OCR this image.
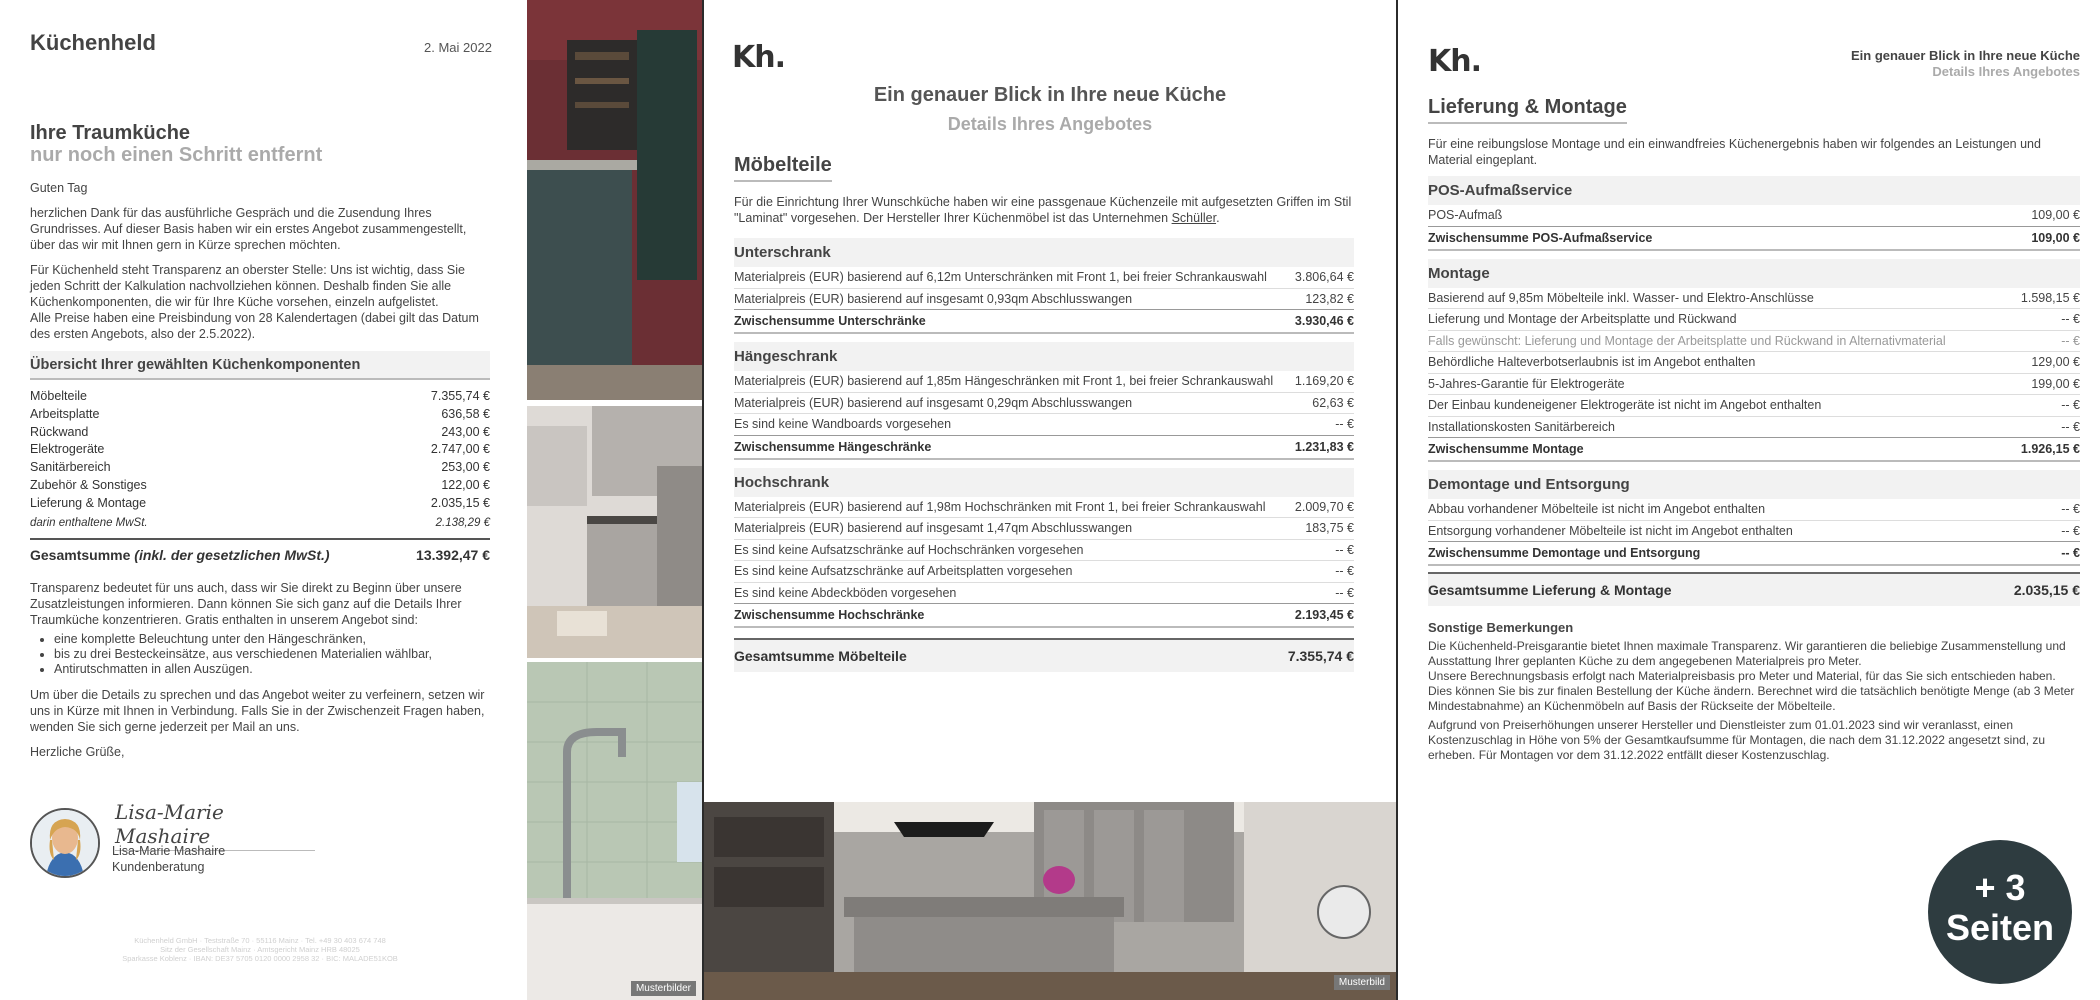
Küchenheld	2. Mai 2022
Ihre Traumküche
nur noch einen Schritt entfernt

Guten Tag

herzlichen Dank für das ausführliche Gespräch und die Zusendung Ihres Grundrisses. Auf dieser Basis haben wir ein erstes Angebot zusammengestellt, über das wir mit Ihnen gern in Kürze sprechen möchten.

Für Küchenheld steht Transparenz an oberster Stelle: Uns ist wichtig, dass Sie jeden Schritt der Kalkulation nachvollziehen können. Deshalb finden Sie alle Küchenkomponenten, die wir für Ihre Küche vorsehen, einzeln aufgelistet.

Alle Preise haben eine Preisbindung von 28 Kalendertagen (dabei gilt das Datum des ersten Angebots, also der 2.5.2022).

Übersicht Ihrer gewählten Küchenkomponenten
Möbelteile	7.355,74 €
Arbeitsplatte	636,58 €
Rückwand	243,00 €
Elektrogeräte	2.747,00 €
Sanitärbereich	253,00 €
Zubehör & Sonstiges	122,00 €
Lieferung & Montage	2.035,15 €
darin enthaltene MwSt.	2.138,29 €
Gesamtsumme (inkl. der gesetzlichen MwSt.)	13.392,47 €

Transparenz bedeutet für uns auch, dass wir Sie direkt zu Beginn über unsere Zusatzleistungen informieren. Dann können Sie sich ganz auf die Details Ihrer Traumküche konzentrieren. Gratis enthalten in unserem Angebot sind:

• eine komplette Beleuchtung unter den Hängeschränken,
• bis zu drei Besteckeinsätze, aus verschiedenen Materialien wählbar,
• Antirutschmatten in allen Auszügen.

Um über die Details zu sprechen und das Angebot weiter zu verfeinern, setzen wir uns in Kürze mit Ihnen in Verbindung. Falls Sie in der Zwischenzeit Fragen haben, wenden Sie sich gerne jederzeit per Mail an uns.

Herzliche Grüße,

Lisa-Marie Mashaire
Lisa-Marie Mashaire
Kundenberatung
Küchenheld GmbH · Teststraße 70 · 55116 Mainz · Tel. +49 30 403 674 748
Sitz der Gesellschaft Mainz · Amtsgericht Mainz HRB 48025
Sparkasse Koblenz · IBAN: DE37 5705 0120 0000 2958 32 · BIC: MALADE51KOB
Musterbilder
Kh.
Ein genauer Blick in Ihre neue Küche
Details Ihres Angebotes
Möbelteile
Für die Einrichtung Ihrer Wunschküche haben wir eine passgenaue Küchenzeile mit aufgesetzten Griffen im Stil "Laminat" vorgesehen. Der Hersteller Ihrer Küchenmöbel ist das Unternehmen Schüller.
Unterschrank
Materialpreis (EUR) basierend auf 6,12m Unterschränken mit Front 1, bei freier Schrankauswahl 3.806,64 €
Materialpreis (EUR) basierend auf insgesamt 0,93qm Abschlusswangen	123,82 €
Zwischensumme Unterschränke	3.930,46 €
Hängeschrank
Materialpreis (EUR) basierend auf 1,85m Hängeschränken mit Front 1, bei freier Schrankauswahl 1.169,20 €
Materialpreis (EUR) basierend auf insgesamt 0,29qm Abschlusswangen	62,63 €
Es sind keine Wandboards vorgesehen	-- €
Zwischensumme Hängeschränke	1.231,83 €
Hochschrank
Materialpreis (EUR) basierend auf 1,98m Hochschränken mit Front 1, bei freier Schrankauswahl 2.009,70 €
Materialpreis (EUR) basierend auf insgesamt 1,47qm Abschlusswangen	183,75 €
Es sind keine Aufsatzschränke auf Hochschränken vorgesehen	-- €
Es sind keine Aufsatzschränke auf Arbeitsplatten vorgesehen	-- €
Es sind keine Abdeckböden vorgesehen	-- €
Zwischensumme Hochschränke	2.193,45 €
Gesamtsumme Möbelteile	7.355,74 €
Musterbild
Kh.	Ein genauer Blick in Ihre neue Küche
Details Ihres Angebotes
Lieferung & Montage
Für eine reibungslose Montage und ein einwandfreies Küchenergebnis haben wir folgendes an Leistungen und Material eingeplant.
POS-Aufmaßservice
POS-Aufmaß	109,00 €
Zwischensumme POS-Aufmaßservice	109,00 €
Montage
Basierend auf 9,85m Möbelteile inkl. Wasser- und Elektro-Anschlüsse	1.598,15 €
Lieferung und Montage der Arbeitsplatte und Rückwand	-- €
Falls gewünscht: Lieferung und Montage der Arbeitsplatte und Rückwand in Alternativmaterial	-- €
Behördliche Halteverbotserlaubnis ist im Angebot enthalten	129,00 €
5-Jahres-Garantie für Elektrogeräte	199,00 €
Der Einbau kundeneigener Elektrogeräte ist nicht im Angebot enthalten	-- €
Installationskosten Sanitärbereich	-- €
Zwischensumme Montage	1.926,15 €
Demontage und Entsorgung
Abbau vorhandener Möbelteile ist nicht im Angebot enthalten	-- €
Entsorgung vorhandener Möbelteile ist nicht im Angebot enthalten	-- €
Zwischensumme Demontage und Entsorgung	-- €
Gesamtsumme Lieferung & Montage	2.035,15 €
Sonstige Bemerkungen
Die Küchenheld-Preisgarantie bietet Ihnen maximale Transparenz. Wir garantieren die beliebige Zusammenstellung und Ausstattung Ihrer geplanten Küche zu dem angegebenen Materialpreis pro Meter.
Unsere Berechnungsbasis erfolgt nach Materialpreisbasis pro Meter und Material, für das Sie sich entschieden haben.
Dies können Sie bis zur finalen Bestellung der Küche ändern. Berechnet wird die tatsächlich benötigte Menge (ab 3 Meter Mindestabnahme) an Küchenmöbeln auf Basis der Rückseite der Möbelteile.
Aufgrund von Preiserhöhungen unserer Hersteller und Dienstleister zum 01.01.2023 sind wir veranlasst, einen Kostenzuschlag in Höhe von 5% der Gesamtkaufsumme für Montagen, die nach dem 31.12.2022 angesetzt sind, zu erheben. Für Montagen vor dem 31.12.2022 entfällt dieser Kostenzuschlag.
+ 3
Seiten
